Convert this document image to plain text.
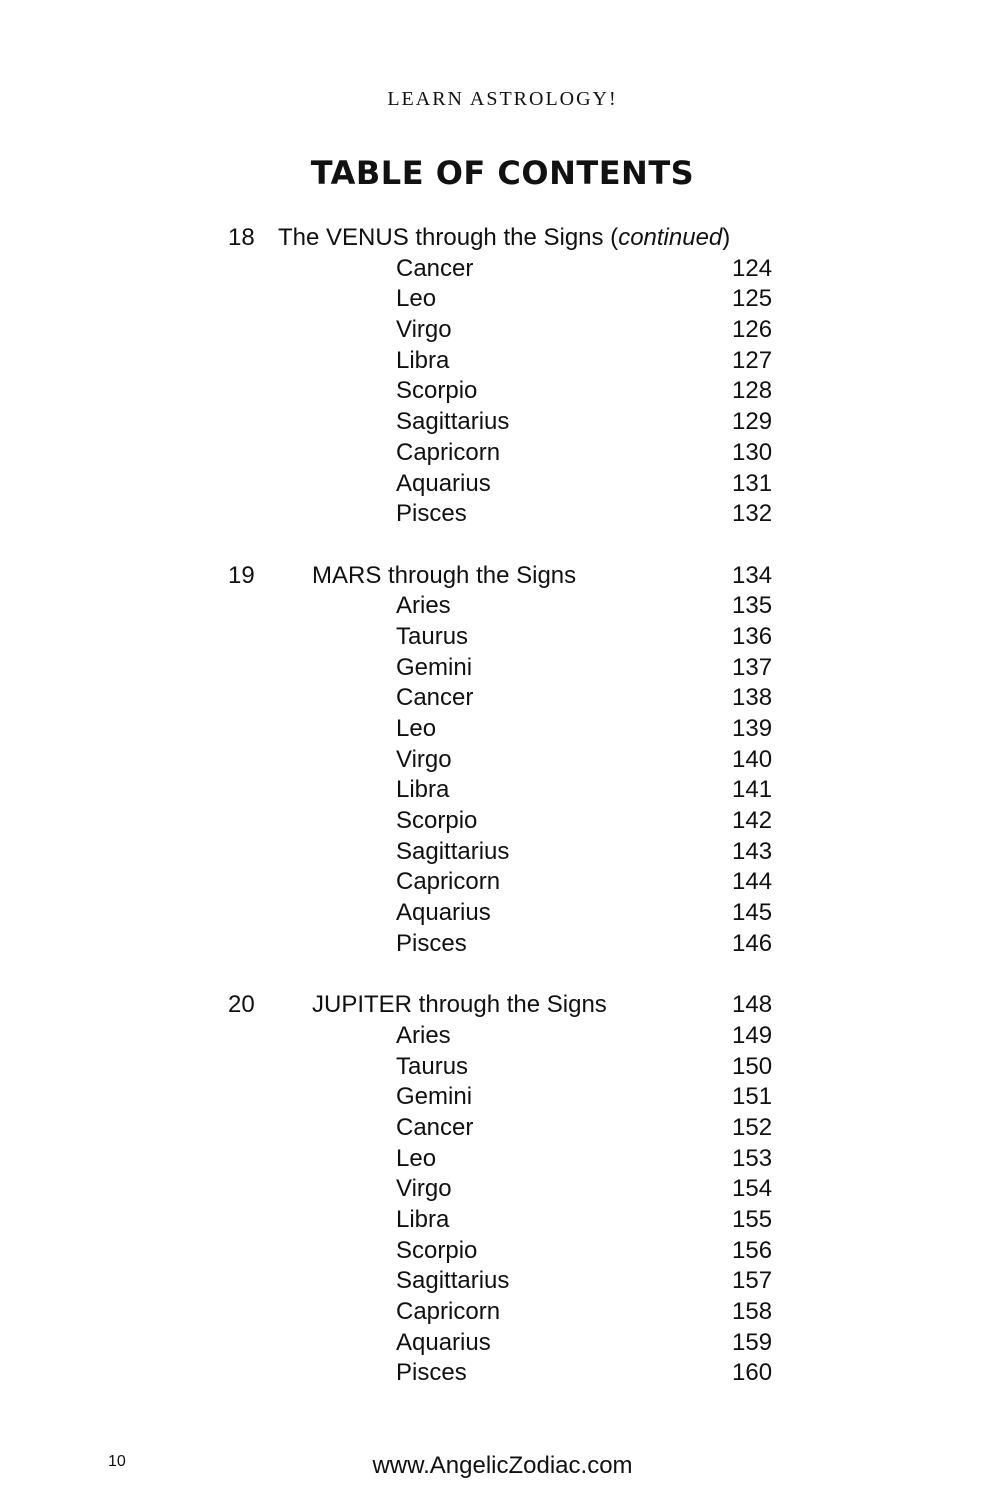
LEARN ASTROLOGY!
TABLE OF CONTENTS
18 The VENUS through the Signs (continued)
Cancer	124
Leo	125
Virgo	126
Libra	127
Scorpio	128
Sagittarius	129
Capricorn	130
Aquarius	131
Pisces	132
19 MARS through the Signs	134
Aries	135
Taurus	136
Gemini	137
Cancer	138
Leo	139
Virgo	140
Libra	141
Scorpio	142
Sagittarius	143
Capricorn	144
Aquarius	145
Pisces	146
20 JUPITER through the Signs	148
Aries	149
Taurus	150
Gemini	151
Cancer	152
Leo	153
Virgo	154
Libra	155
Scorpio	156
Sagittarius	157
Capricorn	158
Aquarius	159
Pisces	160
10	www.AngelicZodiac.com
